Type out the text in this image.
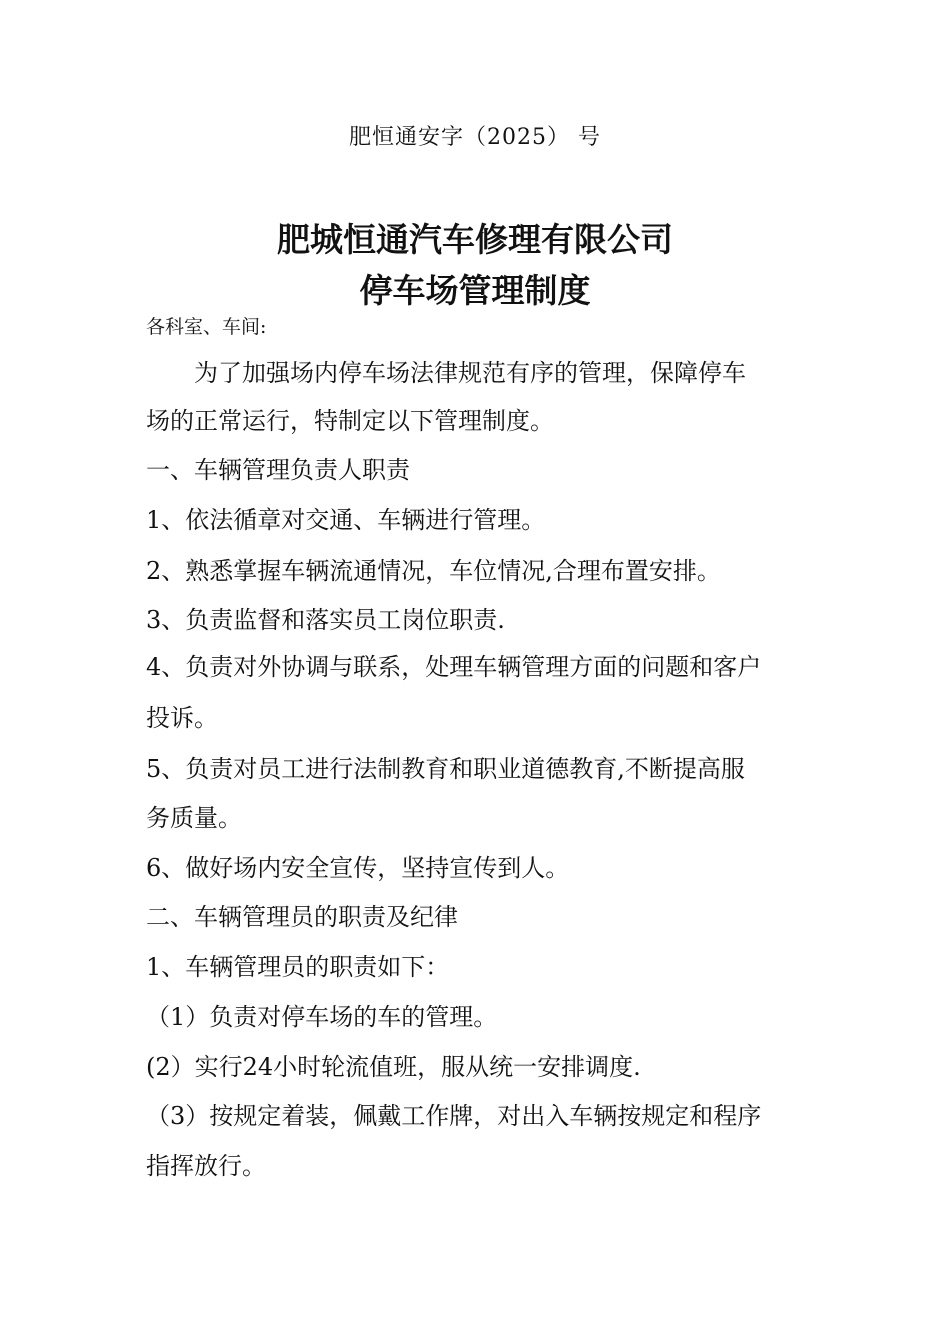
肥恒通安字（2025） 号
肥城恒通汽车修理有限公司
停车场管理制度
各科室、车间:
　　为了加强场内停车场法律规范有序的管理，保障停车
场的正常运行，特制定以下管理制度。
一、车辆管理负责人职责
1、依法循章对交通、车辆进行管理。
2、熟悉掌握车辆流通情况，车位情况,合理布置安排。
3、负责监督和落实员工岗位职责.
4、负责对外协调与联系，处理车辆管理方面的问题和客户
投诉。
5、负责对员工进行法制教育和职业道德教育,不断提高服
务质量。
6、做好场内安全宣传，坚持宣传到人。
二、车辆管理员的职责及纪律
1、车辆管理员的职责如下：
（1）负责对停车场的车的管理。
(2）实行24小时轮流值班，服从统一安排调度.
（3）按规定着装，佩戴工作牌，对出入车辆按规定和程序
指挥放行。
